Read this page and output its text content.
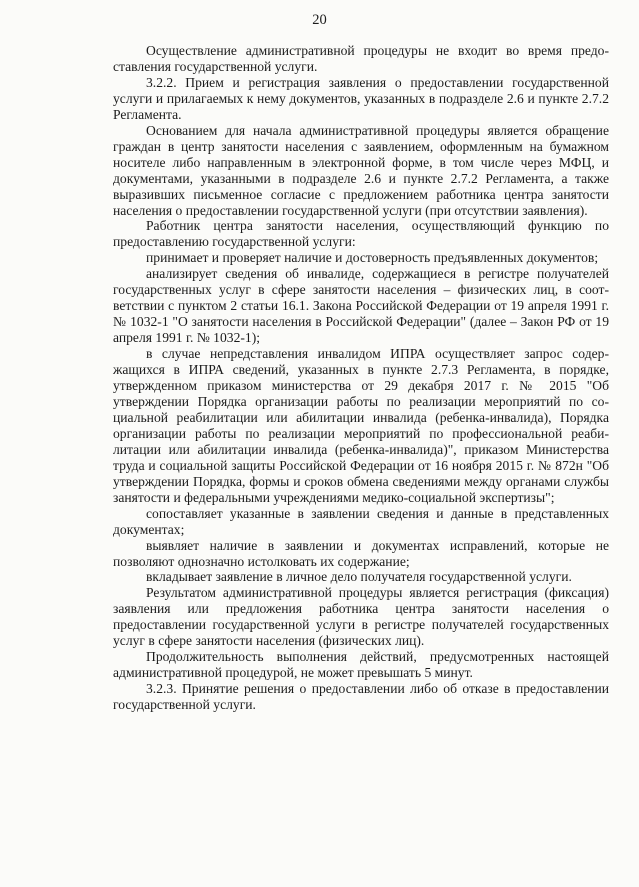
20

Осуществление административной процедуры не входит во время предоставления государственной услуги.

3.2.2. Прием и регистрация заявления о предоставлении государственной услуги и прилагаемых к нему документов, указанных в подразделе 2.6 и пункте 2.7.2 Регламента.

Основанием для начала административной процедуры является обращение граждан в центр занятости населения с заявлением, оформленным на бумажном носителе либо направленным в электронной форме, в том числе через МФЦ, и документами, указанными в подразделе 2.6 и пункте 2.7.2 Регламента, а также выразивших письменное согласие с предложением работника центра занятости населения о предоставлении государственной услуги (при отсутствии заявления).

Работник центра занятости населения, осуществляющий функцию по предоставлению государственной услуги:

принимает и проверяет наличие и достоверность предъявленных документов;

анализирует сведения об инвалиде, содержащиеся в регистре получателей государственных услуг в сфере занятости населения – физических лиц, в соответствии с пунктом 2 статьи 16.1. Закона Российской Федерации от 19 апреля 1991 г. № 1032-1 "О занятости населения в Российской Федерации" (далее – Закон РФ от 19 апреля 1991 г. № 1032-1);

в случае непредставления инвалидом ИПРА осуществляет запрос содержащихся в ИПРА сведений, указанных в пункте 2.7.3 Регламента, в порядке, утвержденном приказом министерства от 29 декабря 2017 г. № 2015 "Об утверждении Порядка организации работы по реализации мероприятий по социальной реабилитации или абилитации инвалида (ребенка-инвалида), Порядка организации работы по реализации мероприятий по профессиональной реабилитации или абилитации инвалида (ребенка-инвалида)", приказом Министерства труда и социальной защиты Российской Федерации от 16 ноября 2015 г. № 872н "Об утверждении Порядка, формы и сроков обмена сведениями между органами службы занятости и федеральными учреждениями медико-социальной экспертизы";

сопоставляет указанные в заявлении сведения и данные в представленных документах;

выявляет наличие в заявлении и документах исправлений, которые не позволяют однозначно истолковать их содержание;

вкладывает заявление в личное дело получателя государственной услуги.

Результатом административной процедуры является регистрация (фиксация) заявления или предложения работника центра занятости населения о предоставлении государственной услуги в регистре получателей государственных услуг в сфере занятости населения (физических лиц).

Продолжительность выполнения действий, предусмотренных настоящей административной процедурой, не может превышать 5 минут.

3.2.3. Принятие решения о предоставлении либо об отказе в предоставлении государственной услуги.
